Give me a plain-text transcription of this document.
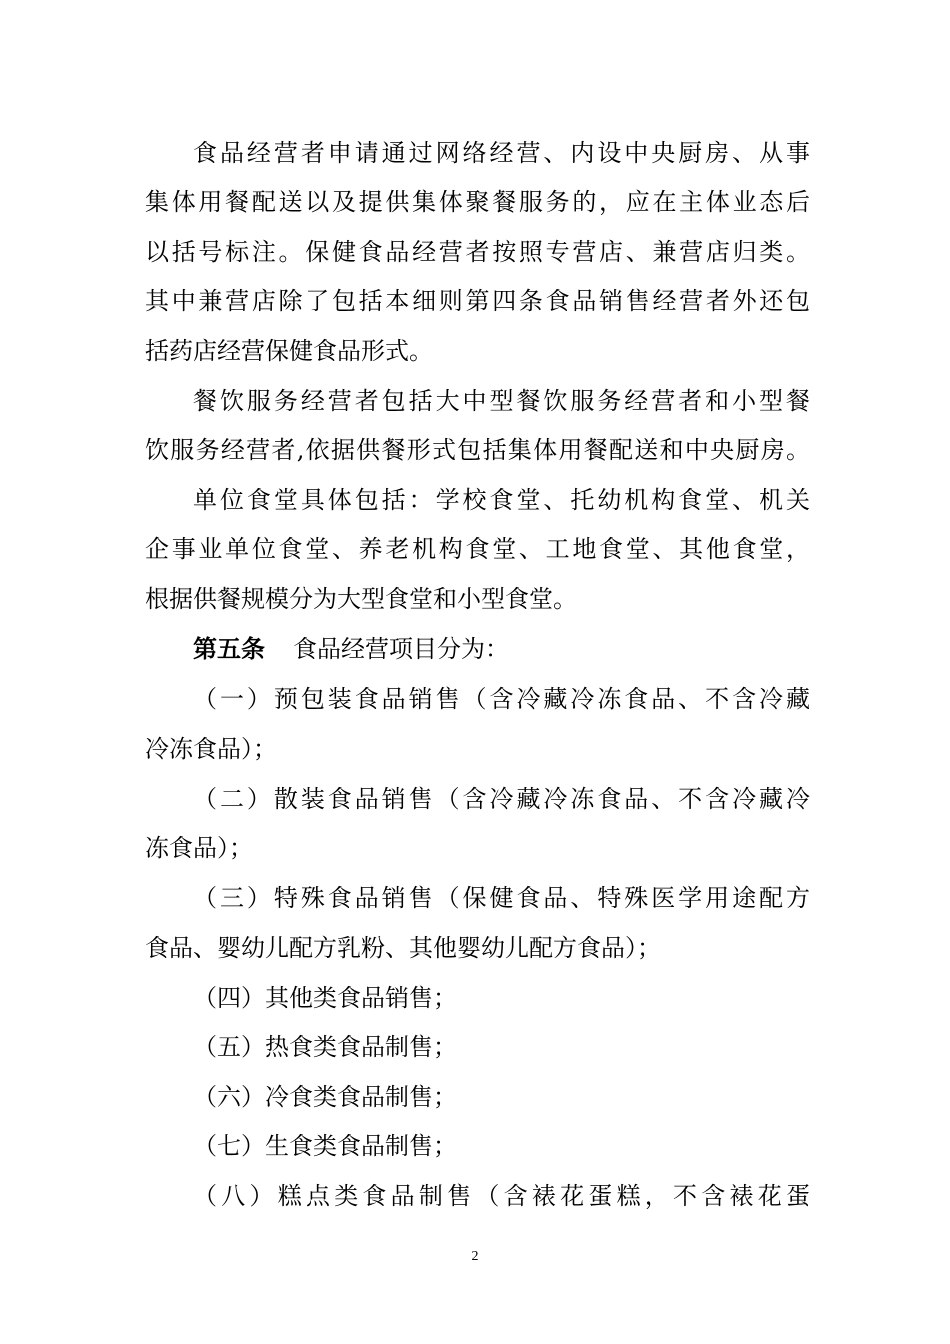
食品经营者申请通过网络经营、内设中央厨房、从事
集体用餐配送以及提供集体聚餐服务的，应在主体业态后
以括号标注。保健食品经营者按照专营店、兼营店归类。
其中兼营店除了包括本细则第四条食品销售经营者外还包
括药店经营保健食品形式。
餐饮服务经营者包括大中型餐饮服务经营者和小型餐
饮服务经营者,依据供餐形式包括集体用餐配送和中央厨房。
单位食堂具体包括：学校食堂、托幼机构食堂、机关
企事业单位食堂、养老机构食堂、工地食堂、其他食堂，
根据供餐规模分为大型食堂和小型食堂。
第五条 食品经营项目分为：
（一）预包装食品销售（含冷藏冷冻食品、不含冷藏
冷冻食品）；
（二）散装食品销售（含冷藏冷冻食品、不含冷藏冷
冻食品）；
（三）特殊食品销售（保健食品、特殊医学用途配方
食品、婴幼儿配方乳粉、其他婴幼儿配方食品）；
（四）其他类食品销售；
（五）热食类食品制售；
（六）冷食类食品制售；
（七）生食类食品制售；
（八）糕点类食品制售（含裱花蛋糕，不含裱花蛋
2
